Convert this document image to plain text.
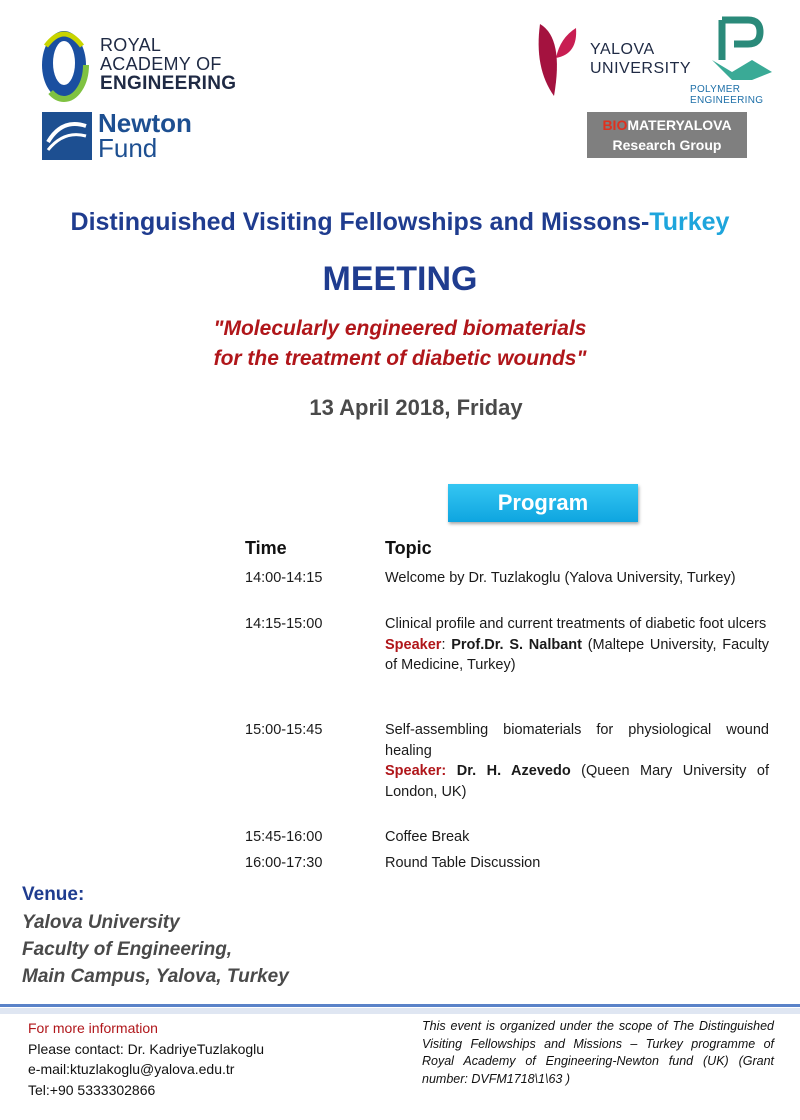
ROYAL
ACADEMY OF
ENGINEERING
Newton
Fund
YALOVA
UNIVERSITY
POLYMER ENGINEERING
BIOMATERYALOVA
Research Group
Distinguished Visiting Fellowships and Missons-Turkey
MEETING
"Molecularly engineered biomaterials
for the treatment of diabetic wounds"
13 April 2018, Friday
Program
Time	Topic
14:00-14:15	Welcome by Dr. Tuzlakoglu (Yalova University, Turkey)
14:15-15:00	Clinical profile and current treatments of diabetic foot ulcers
Speaker: Prof.Dr. S. Nalbant (Maltepe University, Faculty of Medicine, Turkey)
15:00-15:45	Self-assembling biomaterials for physiological wound healing
Speaker: Dr. H. Azevedo (Queen Mary University of London, UK)
15:45-16:00	Coffee Break
16:00-17:30	Round Table Discussion
Venue:
Yalova University
Faculty of Engineering,
Main Campus, Yalova, Turkey
For more information
Please contact: Dr. KadriyeTuzlakoglu
e-mail:ktuzlakoglu@yalova.edu.tr
Tel:+90 5333302866
This event is organized under the scope of The Distinguished Visiting Fellowships and Missions – Turkey programme of Royal Academy of Engineering-Newton fund (UK) (Grant number: DVFM1718\1\63 )
